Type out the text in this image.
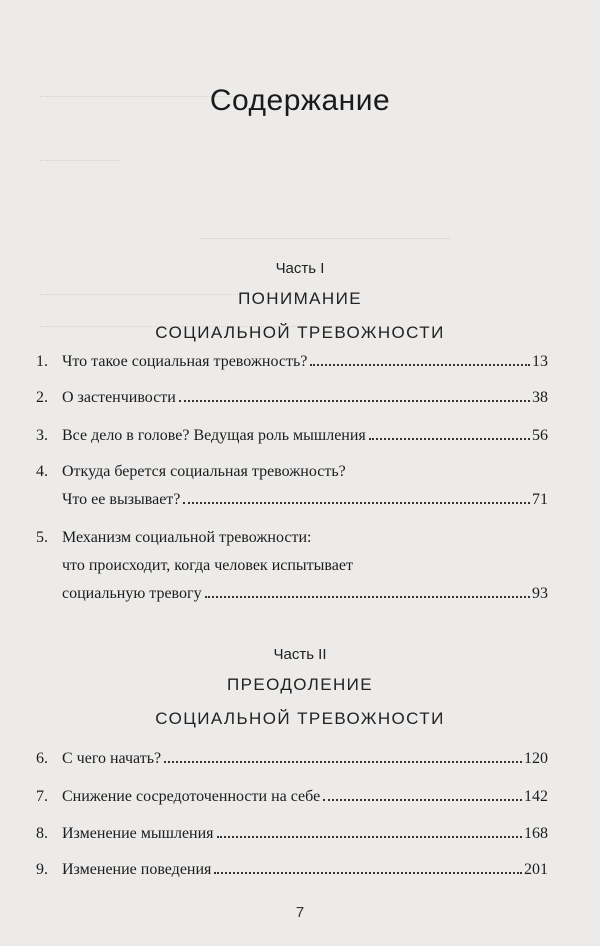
Содержание
Часть I
ПОНИМАНИЕ
СОЦИАЛЬНОЙ ТРЕВОЖНОСТИ
1. Что такое социальная тревожность?	13
2. О застенчивости	38
3. Все дело в голове? Ведущая роль мышления	56
4. Откуда берется социальная тревожность?
Что ее вызывает?	71
5. Механизм социальной тревожности:
что происходит, когда человек испытывает
социальную тревогу	93
Часть II
ПРЕОДОЛЕНИЕ
СОЦИАЛЬНОЙ ТРЕВОЖНОСТИ
6. С чего начать?	120
7. Снижение сосредоточенности на себе	142
8. Изменение мышления	168
9. Изменение поведения	201
7
